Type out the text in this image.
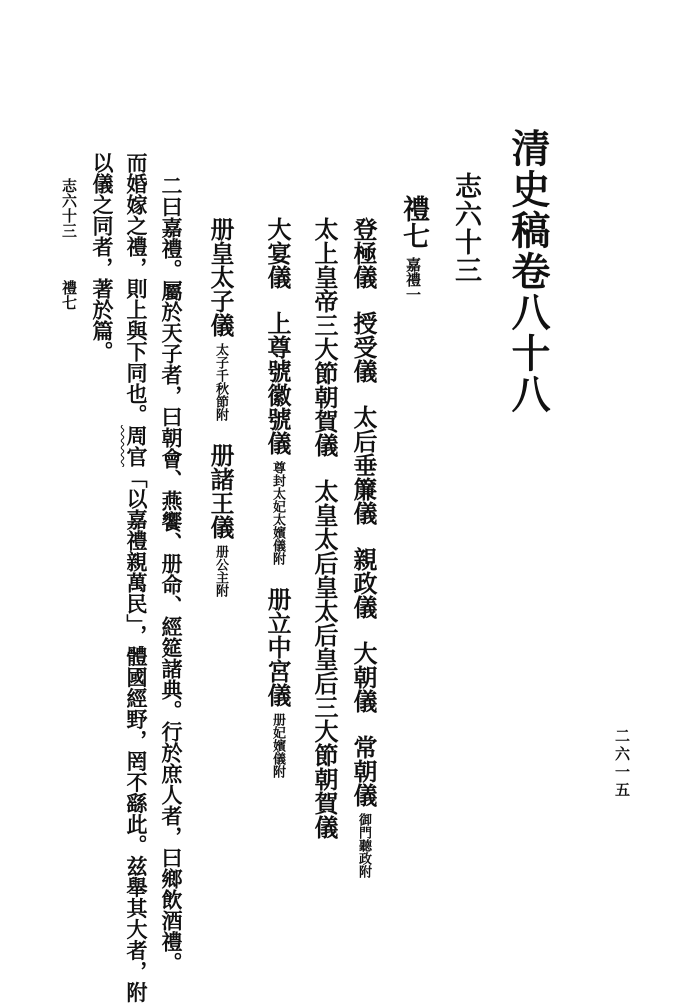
清史稿卷八十八
志六十三
禮七嘉禮一
登極儀授受儀太后垂簾儀親政儀大朝儀常朝儀御門聽政附
太上皇帝三大節朝賀儀太皇太后皇太后皇后三大節朝賀儀
大宴儀上尊號徽號儀尊封太妃太嬪儀附册立中宮儀册妃嬪儀附
册皇太子儀太子千秋節附册諸王儀册公主附
二曰嘉禮。屬於天子者，曰朝會、燕饗、册命、經筵諸典。行於庶人者，曰鄉飲酒禮。
而婚嫁之禮，則上與下同也。周官「以嘉禮親萬民」，體國經野，罔不繇此。兹舉其大者，附
以儀之同者，著於篇。
志六十三禮七
二六一五
